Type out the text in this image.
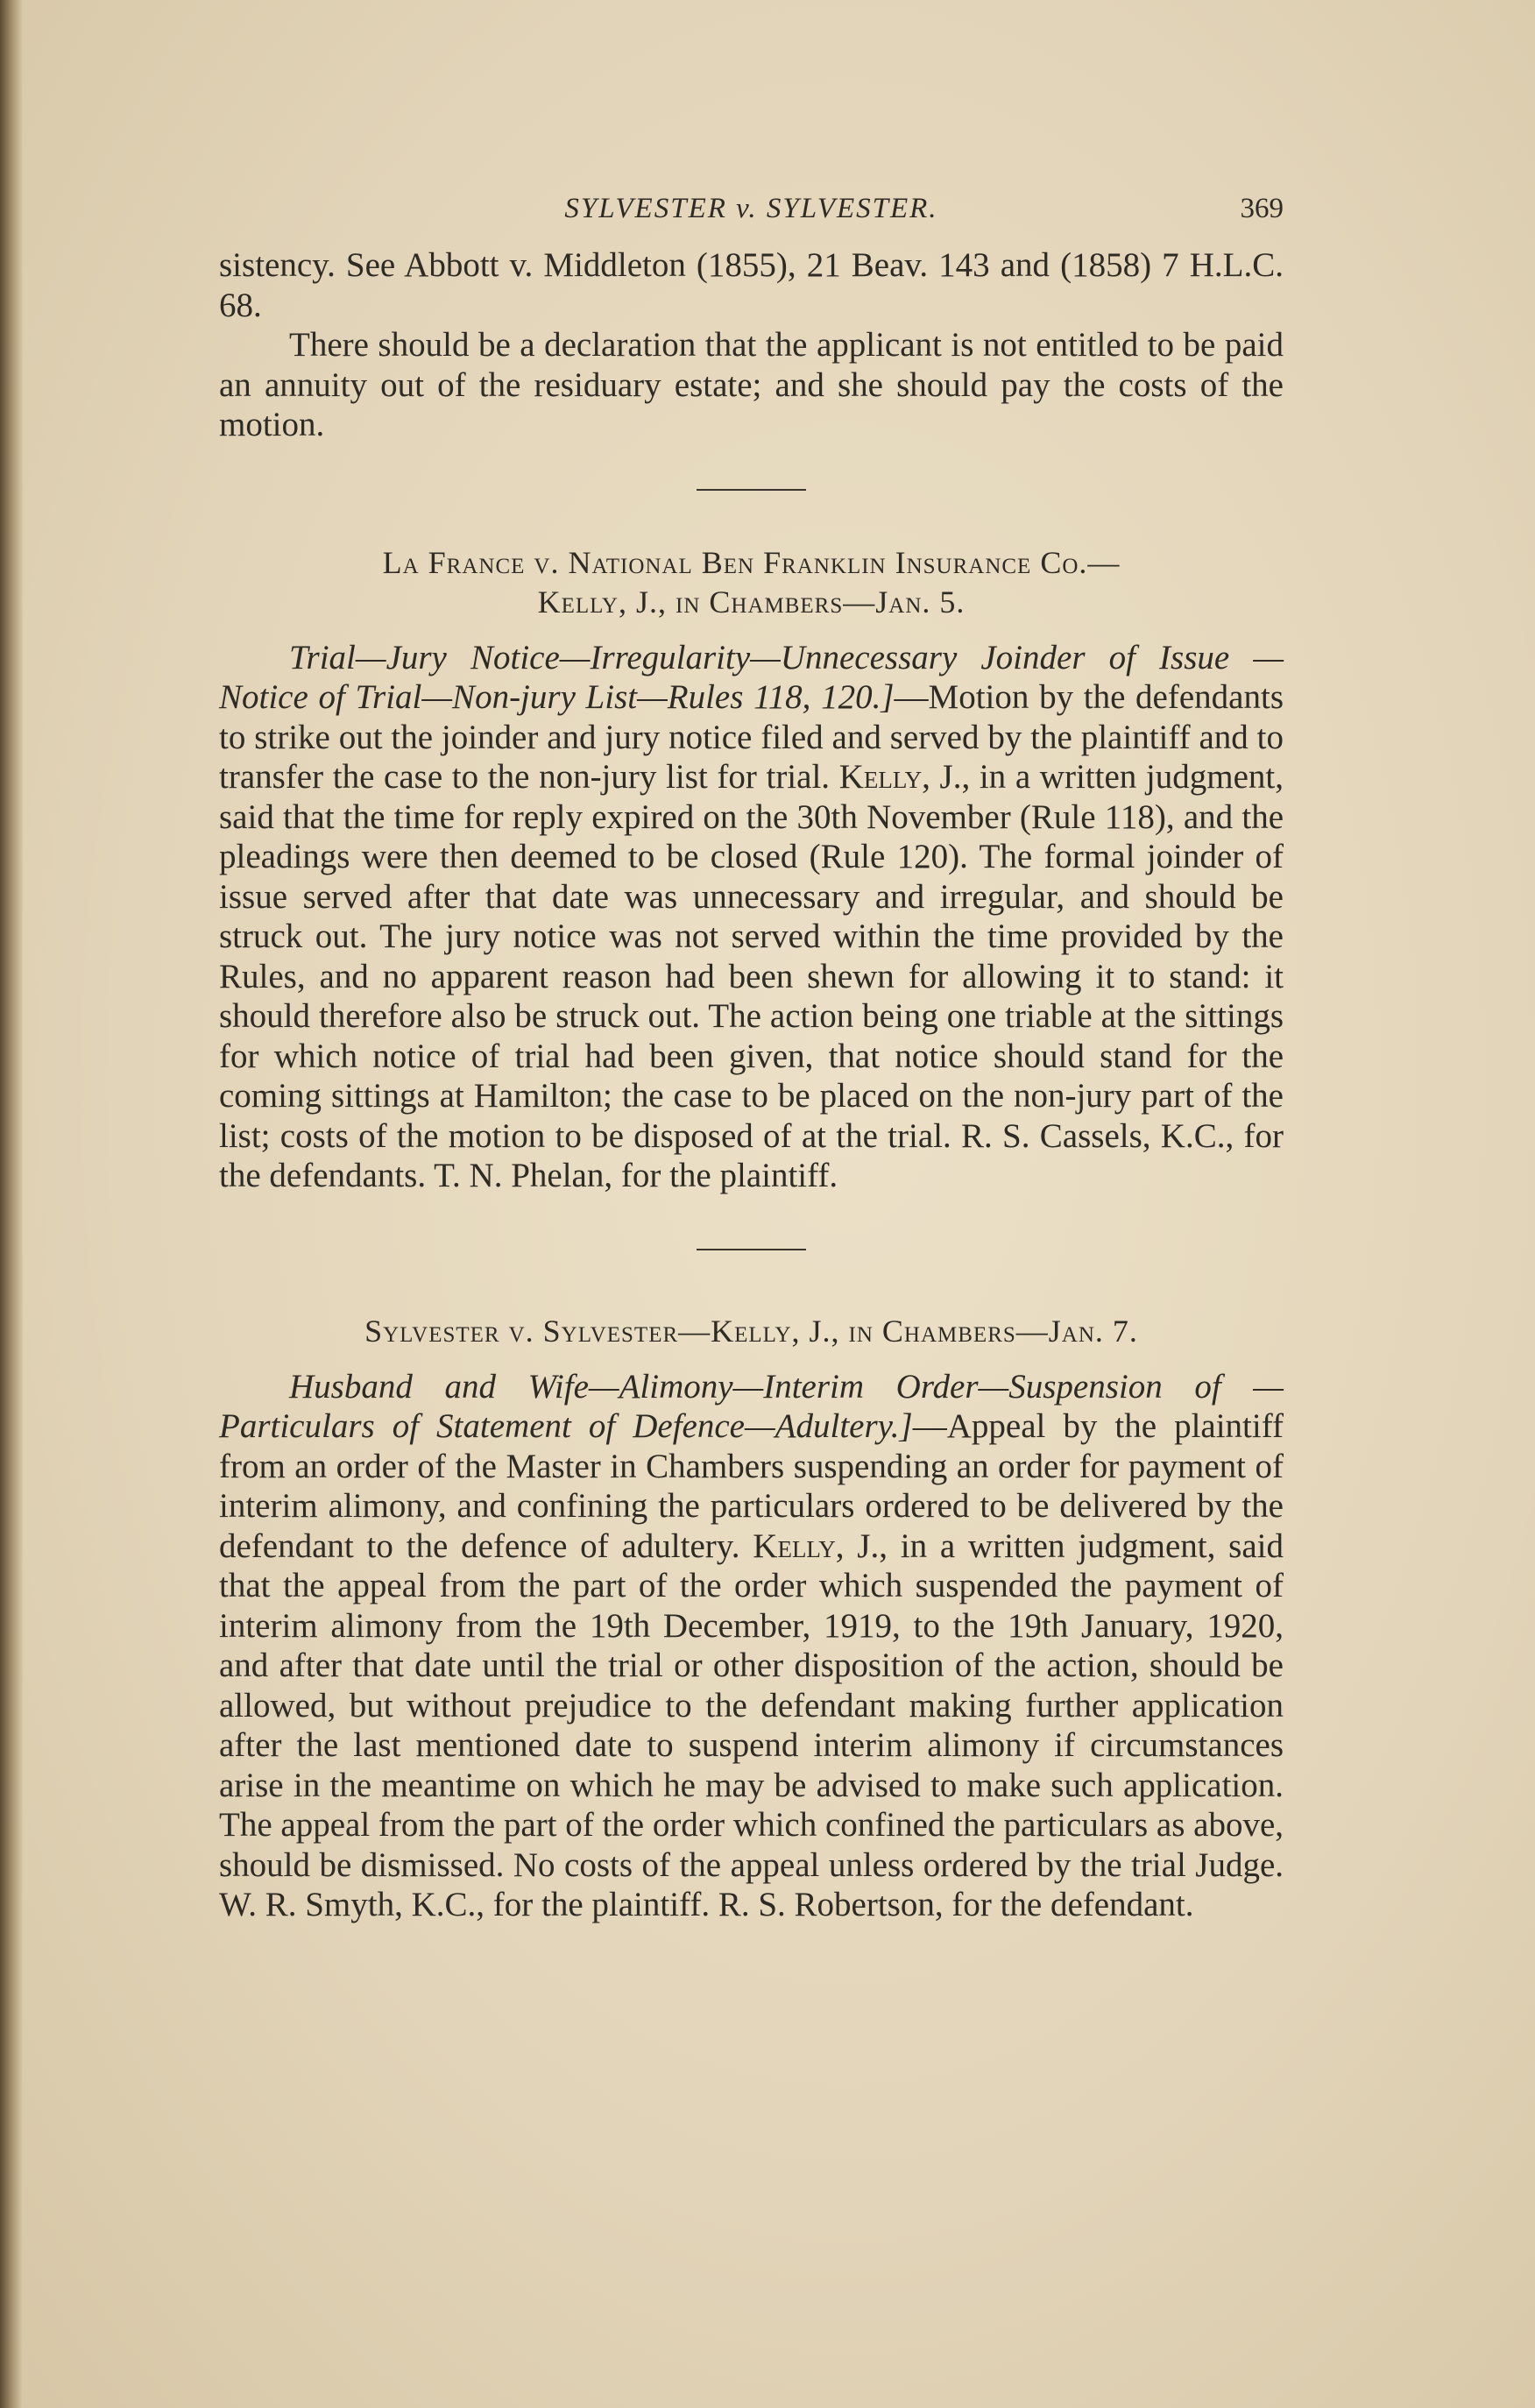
SYLVESTER v. SYLVESTER.	369

sistency. See Abbott v. Middleton (1855), 21 Beav. 143 and (1858) 7 H.L.C. 68.

There should be a declaration that the applicant is not entitled to be paid an annuity out of the residuary estate; and she should pay the costs of the motion.

La France v. National Ben Franklin Insurance Co.—
Kelly, J., in Chambers—Jan. 5.

Trial—Jury Notice—Irregularity—Unnecessary Joinder of Issue —Notice of Trial—Non-jury List—Rules 118, 120.]—Motion by the defendants to strike out the joinder and jury notice filed and served by the plaintiff and to transfer the case to the non-jury list for trial. Kelly, J., in a written judgment, said that the time for reply expired on the 30th November (Rule 118), and the pleadings were then deemed to be closed (Rule 120). The formal joinder of issue served after that date was unnecessary and irregular, and should be struck out. The jury notice was not served within the time provided by the Rules, and no apparent reason had been shewn for allowing it to stand: it should therefore also be struck out. The action being one triable at the sittings for which notice of trial had been given, that notice should stand for the coming sittings at Hamilton; the case to be placed on the non-jury part of the list; costs of the motion to be disposed of at the trial. R. S. Cassels, K.C., for the defendants. T. N. Phelan, for the plaintiff.

Sylvester v. Sylvester—Kelly, J., in Chambers—Jan. 7.

Husband and Wife—Alimony—Interim Order—Suspension of —Particulars of Statement of Defence—Adultery.]—Appeal by the plaintiff from an order of the Master in Chambers suspending an order for payment of interim alimony, and confining the particulars ordered to be delivered by the defendant to the defence of adultery. Kelly, J., in a written judgment, said that the appeal from the part of the order which suspended the payment of interim alimony from the 19th December, 1919, to the 19th January, 1920, and after that date until the trial or other disposition of the action, should be allowed, but without prejudice to the defendant making further application after the last mentioned date to suspend interim alimony if circumstances arise in the meantime on which he may be advised to make such application. The appeal from the part of the order which confined the particulars as above, should be dismissed. No costs of the appeal unless ordered by the trial Judge. W. R. Smyth, K.C., for the plaintiff. R. S. Robertson, for the defendant.
